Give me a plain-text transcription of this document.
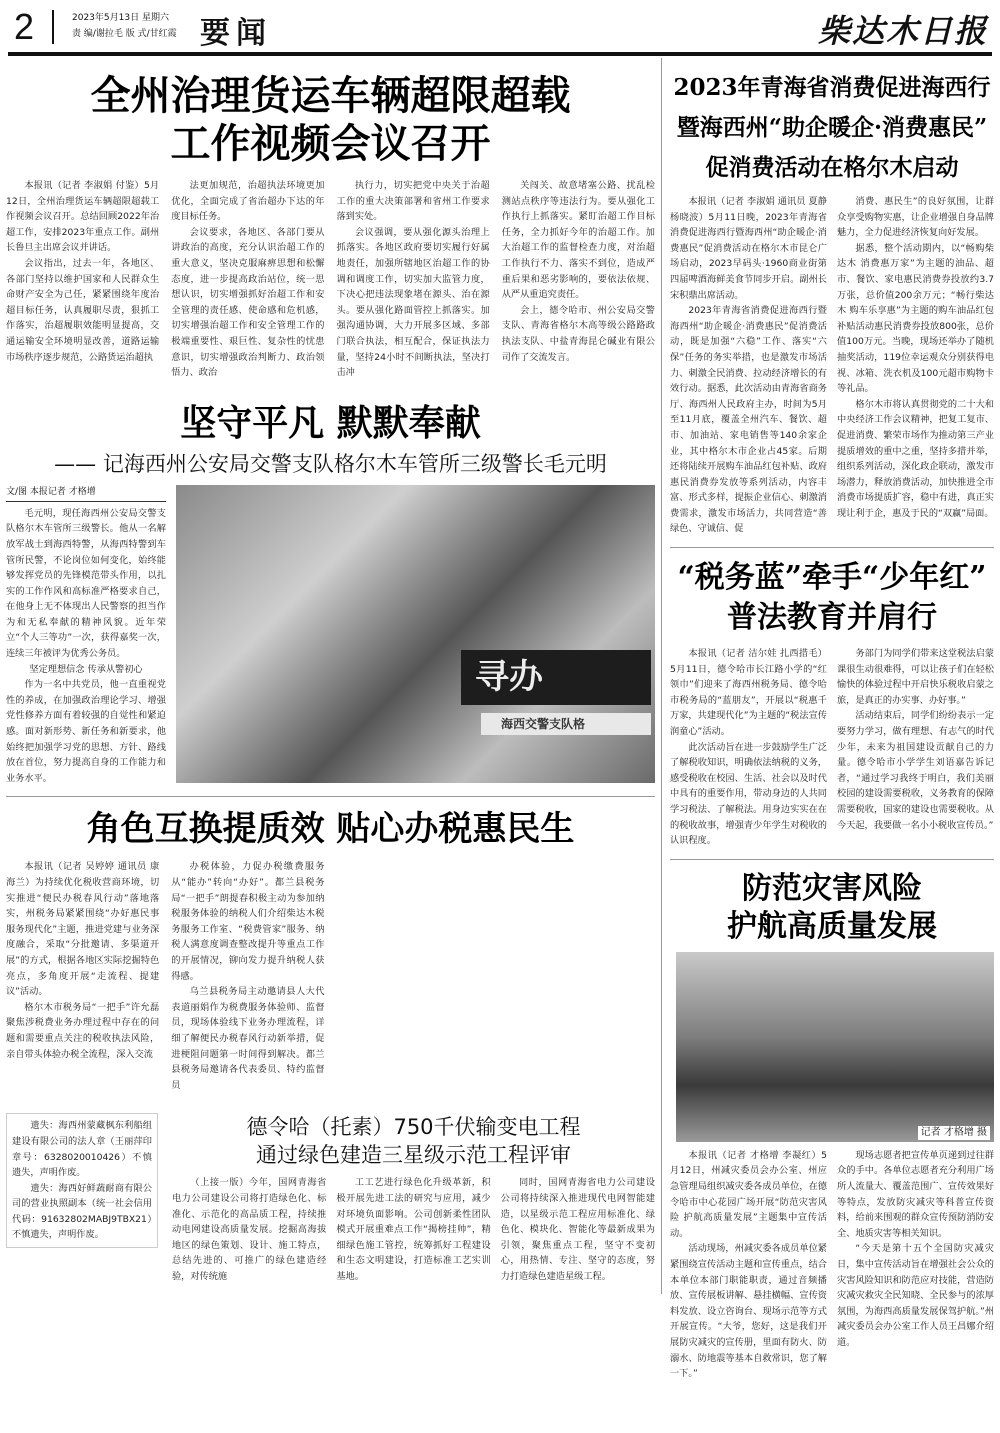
2	2023年5月13日 星期六
责 编/谢拉毛 版 式/甘红霞 要闻	柴达木日报
全州治理货运车辆超限超载
工作视频会议召开

本报讯（记者 李淑娟 付鉴）5月12日，全州治理货运车辆超限超载工作视频会议召开。总结回顾2022年治超工作，安排2023年重点工作。副州长鲁旦主出席会议并讲话。

会议指出，过去一年，各地区、各部门坚持以维护国家和人民群众生命财产安全为己任，紧紧围绕年度治超目标任务，认真履职尽责，狠抓工作落实，治超履职效能明显提高，交通运输安全环境明显改善，道路运输市场秩序逐步规范，公路货运治超执

法更加规范，治超执法环境更加优化，全面完成了省治超办下达的年度目标任务。

会议要求，各地区、各部门要从讲政治的高度，充分认识治超工作的重大意义，坚决克服麻痹思想和松懈态度，进一步提高政治站位，统一思想认识，切实增强抓好治超工作和安全管理的责任感、使命感和危机感，切实增强治超工作和安全管理工作的极端重要性、艰巨性、复杂性的忧患意识，切实增强政治判断力、政治领悟力、政治

执行力，切实把党中央关于治超工作的重大决策部署和省州工作要求落到实处。

会议强调，要从强化源头治理上抓落实。各地区政府要切实履行好属地责任，加强所辖地区治超工作的协调和调度工作，切实加大监管力度，下决心把违法现象堵在源头、治在源头。要从强化路面管控上抓落实。加强沟通协调，大力开展多区域、多部门联合执法，相互配合，保证执法力量，坚持24小时不间断执法，坚决打击冲

关闯关、故意堵塞公路、扰乱检测站点秩序等违法行为。要从强化工作执行上抓落实。紧盯治超工作目标任务，全力抓好今年的治超工作。加大治超工作的监督检查力度，对治超工作执行不力、落实不到位，造成严重后果和恶劣影响的，要依法依规、从严从重追究责任。

会上，德令哈市、州公安局交警支队、青海省格尔木高等级公路路政执法支队、中盐青海昆仑碱业有限公司作了交流发言。

坚守平凡 默默奉献
—— 记海西州公安局交警支队格尔木车管所三级警长毛元明
文/图 本报记者 才格增

毛元明，现任海西州公安局交警支队格尔木车管所三级警长。他从一名解放军战士到海西特警，从海西特警到车管所民警，不论岗位如何变化，始终能够发挥党员的先锋模范带头作用，以扎实的工作作风和高标准严格要求自己，在他身上无不体现出人民警察的担当作为和无私奉献的精神风貌。近年荣立“个人三等功”一次，获得嘉奖一次，连续三年被评为优秀公务员。

坚定理想信念 传承从警初心

作为一名中共党员，他一直重视党性的养成，在加强政治理论学习、增强党性修养方面有着较强的自觉性和紧迫感。面对新形势、新任务和新要求，他始终把加强学习党的思想、方针、路线放在首位，努力提高自身的工作能力和业务水平。

寻办
海西交警支队格
角色互换提质效 贴心办税惠民生

本报讯（记者 吴婷婷 通讯员 康海兰）为持续优化税收营商环境，切实推进“便民办税春风行动”落地落实，州税务局紧紧围绕“办好惠民事 服务现代化”主题，推进党建与业务深度融合，采取“分批邀请、多渠道开展”的方式，根据各地区实际挖掘特色亮点，多角度开展“走流程、提建议”活动。

格尔木市税务局“一把手”许允磊聚焦涉税费业务办理过程中存在的问题和需要重点关注的税收执法风险，亲自带头体验办税全流程，深入交流

办税体验，力促办税缴费服务从“能办”转向“办好”。都兰县税务局“一把手”朗提春积极主动为参加纳税服务体验的纳税人们介绍柴达木税务服务工作室、“税费管家”服务、纳税人满意度调查整改提升等重点工作的开展情况，铆向发力提升纳税人获得感。

乌兰县税务局主动邀请县人大代表道丽娟作为税费服务体验师、监督员，现场体验线下业务办理流程，详细了解便民办税春风行动新举措，促进梗阻问题第一时间得到解决。都兰县税务局邀请各代表委员、特约监督员

遗失：海西州蒙藏枫东利船组建设有限公司的法人章（王丽萍印章号：6328020010426）不慎遗失，声明作废。

遗失：海西好鲜蔬耐商有限公司的营业执照副本（统一社会信用代码：91632802MABJ9TBX21）不慎遗失，声明作废。

德令哈（托素）750千伏输变电工程
通过绿色建造三星级示范工程评审

（上接一版）今年，国网青海省电力公司建设公司将打造绿色化、标准化、示范化的高品质工程，持续推动电网建设高质量发展。挖掘高海拔地区的绿色策划、设计、施工特点，总结先进的、可推广的绿色建造经验，对传统施

工工艺进行绿色化升级革新，积极开展先进工法的研究与应用，减少对环境负面影响。公司创新柔性团队模式开展重难点工作“揭榜挂帅”，精细绿色施工管控，统筹抓好工程建设和生态文明建设，打造标准工艺实训基地。

同时，国网青海省电力公司建设公司将持续深入推进现代电网智能建造，以星级示范工程应用标准化、绿色化、模块化、智能化等最新成果为引领，聚焦重点工程，坚守不变初心，用热情、专注、坚守的态度，努力打造绿色建造星级工程。

2023年青海省消费促进海西行
暨海西州“助企暖企·消费惠民”
促消费活动在格尔木启动

本报讯（记者 李淑娟 通讯员 夏静 杨晓波）5月11日晚，2023年青海省消费促进海西行暨海西州“助企暖企·消费惠民”促消费活动在格尔木市昆仑广场启动，2023早码头·1960商业街第四届啤酒海鲜美食节同步开启。副州长宋积鼎出席活动。

2023年青海省消费促进海西行暨海西州“助企暖企·消费惠民”促消费活动，既是加强“六稳”工作、落实“六保”任务的务实举措，也是激发市场活力、刺激全民消费、拉动经济增长的有效行动。据悉，此次活动由青海省商务厅、海西州人民政府主办，时间为5月至11月底，覆盖全州汽车、餐饮、超市、加油站、家电销售等140余家企业，其中格尔木市企业占45家。后期还将陆续开展购车油品红包补贴、政府惠民消费券发放等系列活动，内容丰富、形式多样，提振企业信心、刺激消费需求，激发市场活力，共同营造“善绿色、守诚信、促

消费、惠民生”的良好氛围，让群众享受购物实惠，让企业增强自身品牌魅力，全力促进经济恢复向好发展。

据悉，整个活动期内，以“畅购柴达木 消费惠万家”为主题的油品、超市、餐饮、家电惠民消费券投放约3.7万张，总价值200余万元；“畅行柴达木 购车乐享惠”为主题的购车油品红包补贴活动惠民消费券投放800张，总价值100万元。当晚，现场还举办了随机抽奖活动，119位幸运观众分别获得电视、冰箱、洗衣机及100元超市购物卡等礼品。

格尔木市将认真贯彻党的二十大和中央经济工作会议精神，把复工复市、促进消费、繁荣市场作为推动第三产业提质增效的重中之重，坚持多措并举，组织系列活动，深化政企联动，激发市场潜力，释放消费活动，加快推进全市消费市场提质扩容，稳中有进，真正实现让利于企，惠及于民的“双赢”局面。

“税务蓝”牵手“少年红”
普法教育并肩行

本报讯（记者 洁尔娃 扎西措毛）5月11日，德令哈市长江路小学的“红领巾”们迎来了海西州税务局、德令哈市税务局的“蓝朋友”，开展以“税惠千万家，共建现代化”为主题的“税法宣传润童心”活动。

此次活动旨在进一步鼓励学生广泛了解税收知识，明确依法纳税的义务，感受税收在校园、生活、社会以及时代中具有的重要作用，带动身边的人共同学习税法、了解税法。用身边实实在在的税收故事，增强青少年学生对税收的认识程度。

务部门为同学们带来这堂税法启蒙课很生动很难得，可以让孩子们在轻松愉快的体验过程中开启快乐税收启蒙之旅，是真正的办实事、办好事。”

活动结束后，同学们纷纷表示一定要努力学习，做有理想、有志气的时代少年，未来为祖国建设贡献自己的力量。德令哈市小学学生刘语嘉告诉记者，“通过学习我终于明白，我们美丽校园的建设需要税收，义务教育的保障需要税收，国家的建设也需要税收。从今天起，我要做一名小小税收宣传员。”

防范灾害风险
护航高质量发展
记者 才格增 摄

本报讯（记者 才格增 李凝红）5月12日，州减灾委员会办公室、州应急管理局组织减灾委各成员单位，在德令哈市中心花园广场开展“防范灾害风险 护航高质量发展”主题集中宣传活动。

活动现场，州减灾委各成员单位紧紧围绕宣传活动主题和宣传重点，结合本单位本部门职能职责，通过音频播放、宣传展板讲解、悬挂横幅、宣传资料发放、设立咨询台、现场示范等方式开展宣传。“大爷，您好，这是我们开展防灾减灾的宣传册，里面有防火、防溺水、防地震等基本自救常识，您了解一下。”

现场志愿者把宣传单页递到过往群众的手中。各单位志愿者充分利用广场所人流量大、覆盖范围广、宣传效果好等特点，发放防灾减灾等科普宣传资料，给前来围观的群众宣传预防消防安全、地质灾害等相关知识。

“今天是第十五个全国防灾减灾日，集中宣传活动旨在增强社会公众的灾害风险知识和防范应对技能，营造防灾减灾救灾全民知晓、全民参与的浓厚氛围，为海西高质量发展保驾护航。”州减灾委员会办公室工作人员王昌娜介绍道。
